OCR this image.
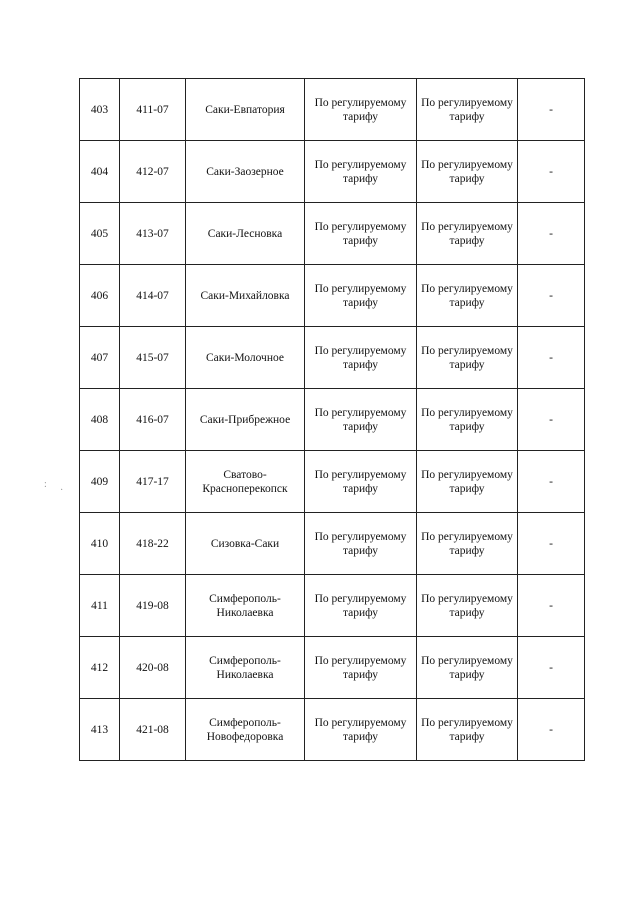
403	411-07	Саки-Евпатория	По регулируемому тарифу	По регулируемому тарифу	-
404	412-07	Саки-Заозерное	По регулируемому тарифу	По регулируемому тарифу	-
405	413-07	Саки-Лесновка	По регулируемому тарифу	По регулируемому тарифу	-
406	414-07	Саки-Михайловка	По регулируемому тарифу	По регулируемому тарифу	-
407	415-07	Саки-Молочное	По регулируемому тарифу	По регулируемому тарифу	-
408	416-07	Саки-Прибрежное	По регулируемому тарифу	По регулируемому тарифу	-
409	417-17	Сватово-Красноперекопск	По регулируемому тарифу	По регулируемому тарифу	-
410	418-22	Сизовка-Саки	По регулируемому тарифу	По регулируемому тарифу	-
411	419-08	Симферополь-Николаевка	По регулируемому тарифу	По регулируемому тарифу	-
412	420-08	Симферополь-Николаевка	По регулируемому тарифу	По регулируемому тарифу	-
413	421-08	Симферополь-Новофедоровка	По регулируемому тарифу	По регулируемому тарифу	-
:
·
